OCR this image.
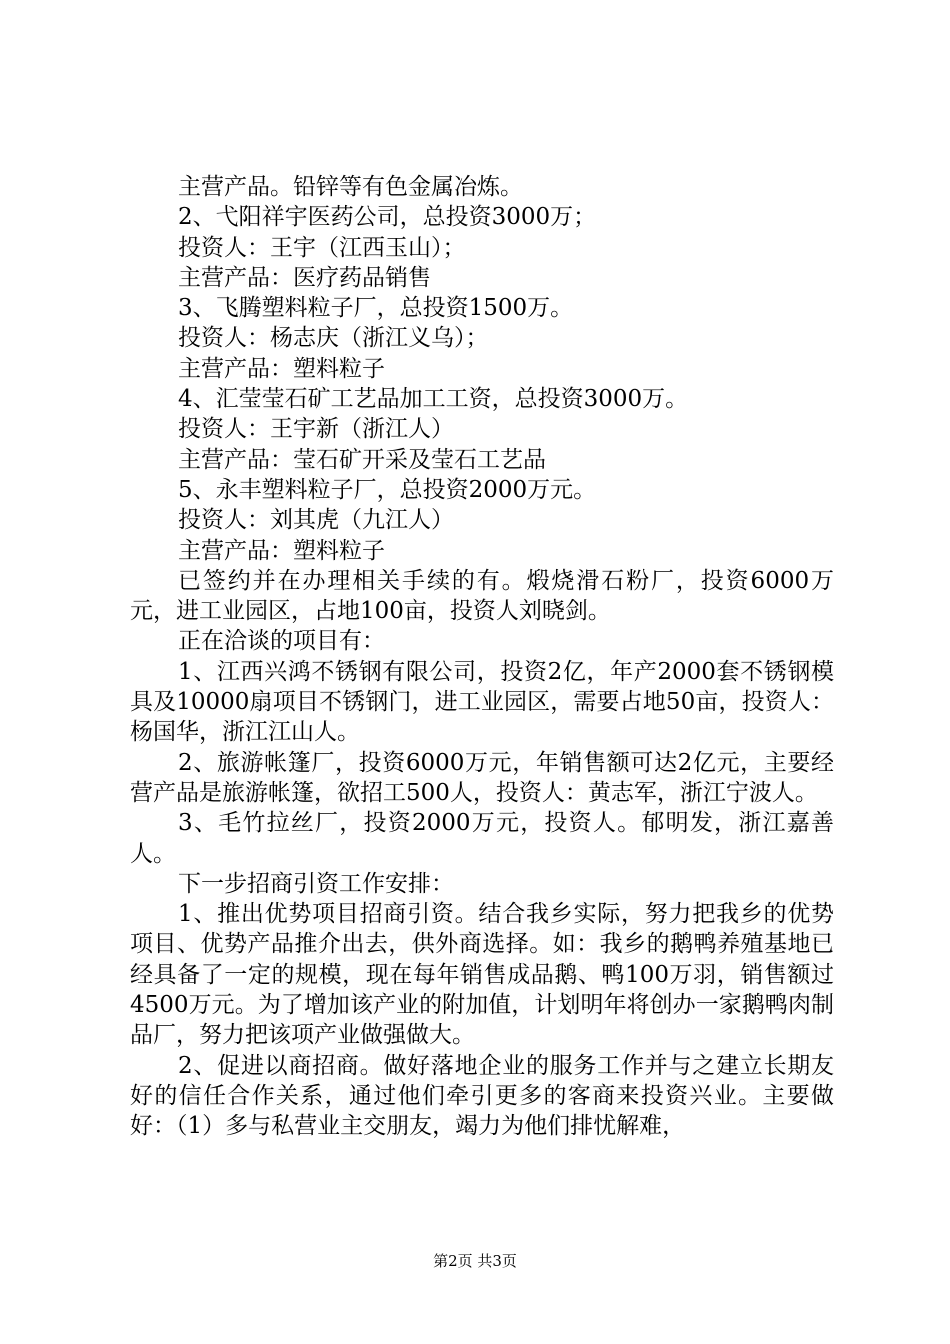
主营产品。铅锌等有色金属冶炼。

2、弋阳祥宇医药公司，总投资3000万；

投资人：王宇（江西玉山）；

主营产品：医疗药品销售

3、飞腾塑料粒子厂，总投资1500万。

投资人：杨志庆（浙江义乌）；

主营产品：塑料粒子

4、汇莹莹石矿工艺品加工工资，总投资3000万。

投资人：王宇新（浙江人）

主营产品：莹石矿开采及莹石工艺品

5、永丰塑料粒子厂，总投资2000万元。

投资人：刘其虎（九江人）

主营产品：塑料粒子

已签约并在办理相关手续的有。煅烧滑石粉厂，投资6000万元，进工业园区，占地100亩，投资人刘晓剑。

正在洽谈的项目有：

1、江西兴鸿不锈钢有限公司，投资2亿，年产2000套不锈钢模具及10000扇项目不锈钢门，进工业园区，需要占地50亩，投资人：杨国华，浙江江山人。

2、旅游帐篷厂，投资6000万元，年销售额可达2亿元，主要经营产品是旅游帐篷，欲招工500人，投资人：黄志军，浙江宁波人。

3、毛竹拉丝厂，投资2000万元，投资人。郁明发，浙江嘉善人。

下一步招商引资工作安排：

1、推出优势项目招商引资。结合我乡实际，努力把我乡的优势项目、优势产品推介出去，供外商选择。如：我乡的鹅鸭养殖基地已经具备了一定的规模，现在每年销售成品鹅、鸭100万羽，销售额过4500万元。为了增加该产业的附加值，计划明年将创办一家鹅鸭肉制品厂，努力把该项产业做强做大。

2、促进以商招商。做好落地企业的服务工作并与之建立长期友好的信任合作关系，通过他们牵引更多的客商来投资兴业。主要做好：（1）多与私营业主交朋友，竭力为他们排忧解难，

第2页 共3页
